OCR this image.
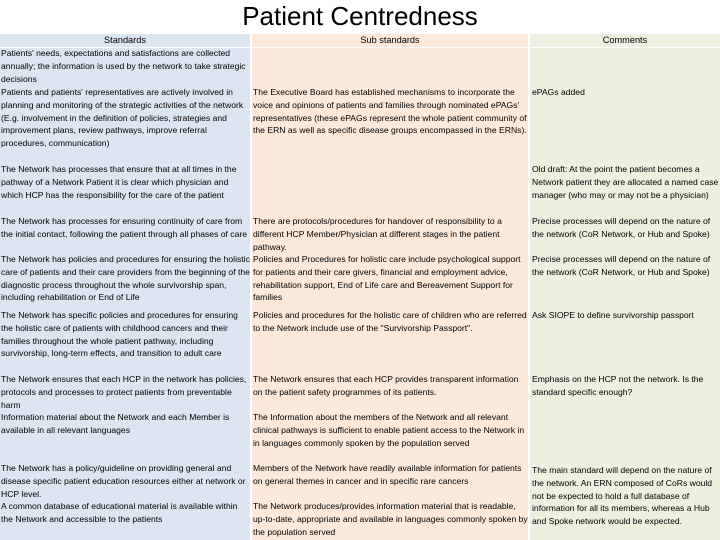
Patient Centredness
Standards	Sub standards	Comments
Patients' needs, expectations and satisfactions are collected annually; the information is used by the network to take strategic decisions
Patients and patients' representatives are actively involved in planning and monitoring of the strategic activities of the network (E.g. involvement in the definition of policies, strategies and improvement plans, review pathways, improve referral procedures, communication)
The Executive Board has established mechanisms to incorporate the voice and opinions of patients and families through nominated ePAGs' representatives (these ePAGs represent the whole patient community of the ERN as well as specific disease groups encompassed in the ERNs).
ePAGs added
The Network has processes that ensure that at all times in the pathway of a Network Patient it is clear which physician and which HCP has the responsibility for the care of the patient
Old draft: At the point the patient becomes a Network patient they are allocated a named case manager (who may or may not be a physician)
The Network has processes for ensuring continuity of care from the initial contact, following the patient through all phases of care
There are protocols/procedures for handover of responsibility to a different HCP Member/Physician at different stages in the patient pathway.
Precise processes will depend on the nature of the network (CoR Network, or Hub and Spoke)
The Network has policies and procedures for ensuring the holistic care of patients and their care providers from the beginning of the diagnostic process throughout the whole survivorship span, including rehabilitation or End of Life
Policies and Procedures for holistic care include psychological support for patients and their care givers, financial and employment advice, rehabilitation support, End of Life care and Bereavement Support for families
Precise processes will depend on the nature of the network (CoR Network, or Hub and Spoke)
The Network has specific policies and procedures for ensuring the holistic care of patients with childhood cancers and their families throughout the whole patient pathway, including survivorship, long-term effects, and transition to adult care
Policies and procedures for the holistic care of children who are referred to the Network include use of the "Survivorship Passport".
Ask SIOPE to define survivorship passport
The Network ensures that each HCP in the network has policies, protocols and processes to protect patients from preventable harm
The Network ensures that each HCP provides transparent information on the patient safety programmes of its patients.
Emphasis on the HCP not the network. Is the standard specific enough?
Information material about the Network and each Member is available in all relevant languages
The Information about the members of the Network and all relevant clinical pathways is sufficient to enable patient access to the Network in in languages commonly spoken by the population served
The Network has a policy/guideline on providing general and disease specific patient education resources either at network or HCP level.
Members of the Network have readily available information for patients on general themes in cancer and in specific rare cancers
The main standard will depend on the nature of the network. An ERN composed of CoRs would not be expected to hold a full database of information for all its members, whereas a Hub and Spoke network would be expected.
A common database of educational material is available within the Network and accessible to the patients
The Network produces/provides information material that is readable, up-to-date, appropriate and available in languages commonly spoken by the population served
